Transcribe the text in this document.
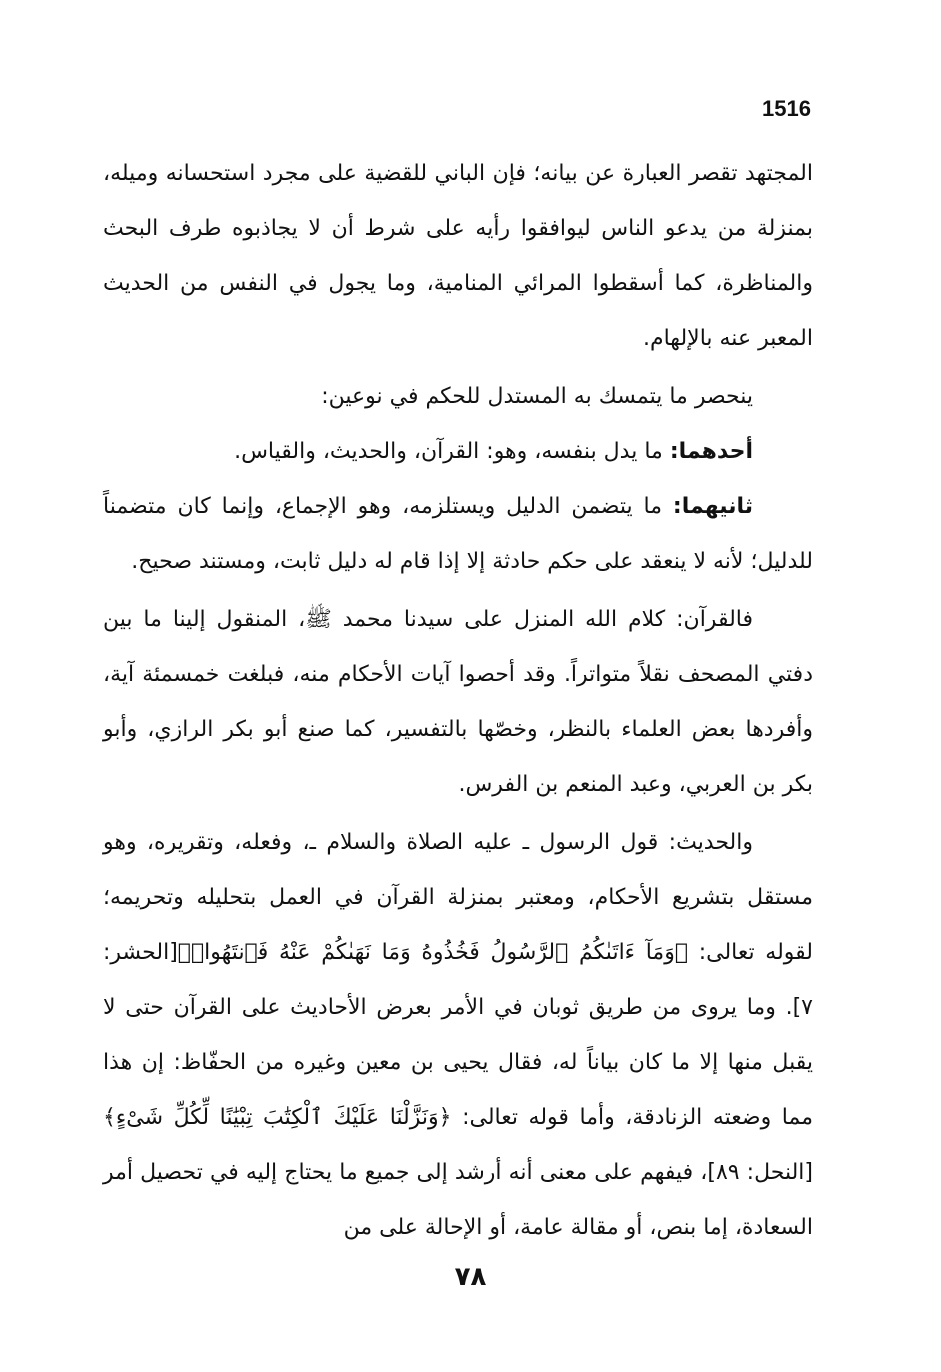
1516

المجتهد تقصر العبارة عن بيانه؛ فإن الباني للقضية على مجرد استحسانه وميله، بمنزلة من يدعو الناس ليوافقوا رأيه على شرط أن لا يجاذبوه طرف البحث والمناظرة، كما أسقطوا المرائي المنامية، وما يجول في النفس من الحديث المعبر عنه بالإلهام.

ينحصر ما يتمسك به المستدل للحكم في نوعين:

أحدهما: ما يدل بنفسه، وهو: القرآن، والحديث، والقياس.

ثانيهما: ما يتضمن الدليل ويستلزمه، وهو الإجماع، وإنما كان متضمناً للدليل؛ لأنه لا ينعقد على حكم حادثة إلا إذا قام له دليل ثابت، ومستند صحيح.

فالقرآن: كلام الله المنزل على سيدنا محمد ﷺ، المنقول إلينا ما بين دفتي المصحف نقلاً متواتراً. وقد أحصوا آيات الأحكام منه، فبلغت خمسمئة آية، وأفردها بعض العلماء بالنظر، وخصّها بالتفسير، كما صنع أبو بكر الرازي، وأبو بكر بن العربي، وعبد المنعم بن الفرس.

والحديث: قول الرسول ـ عليه الصلاة والسلام ـ، وفعله، وتقريره، وهو مستقل بتشريع الأحكام، ومعتبر بمنزلة القرآن في العمل بتحليله وتحريمه؛ لقوله تعالى: ﴿وَمَآ ءَاتَىٰكُمُ ٱلرَّسُولُ فَخُذُوهُ وَمَا نَهَىٰكُمْ عَنْهُ فَٱنتَهُوا۟﴾[الحشر: ٧]. وما يروى من طريق ثوبان في الأمر بعرض الأحاديث على القرآن حتى لا يقبل منها إلا ما كان بياناً له، فقال يحيى بن معين وغيره من الحفّاظ: إن هذا مما وضعته الزنادقة، وأما قوله تعالى: ﴿وَنَزَّلْنَا عَلَيْكَ ٱلْكِتَٰبَ تِبْيَٰنًا لِّكُلِّ شَىْءٍ﴾[النحل: ٨٩]، فيفهم على معنى أنه أرشد إلى جميع ما يحتاج إليه في تحصيل أمر السعادة، إما بنص، أو مقالة عامة، أو الإحالة على من

٧٨
